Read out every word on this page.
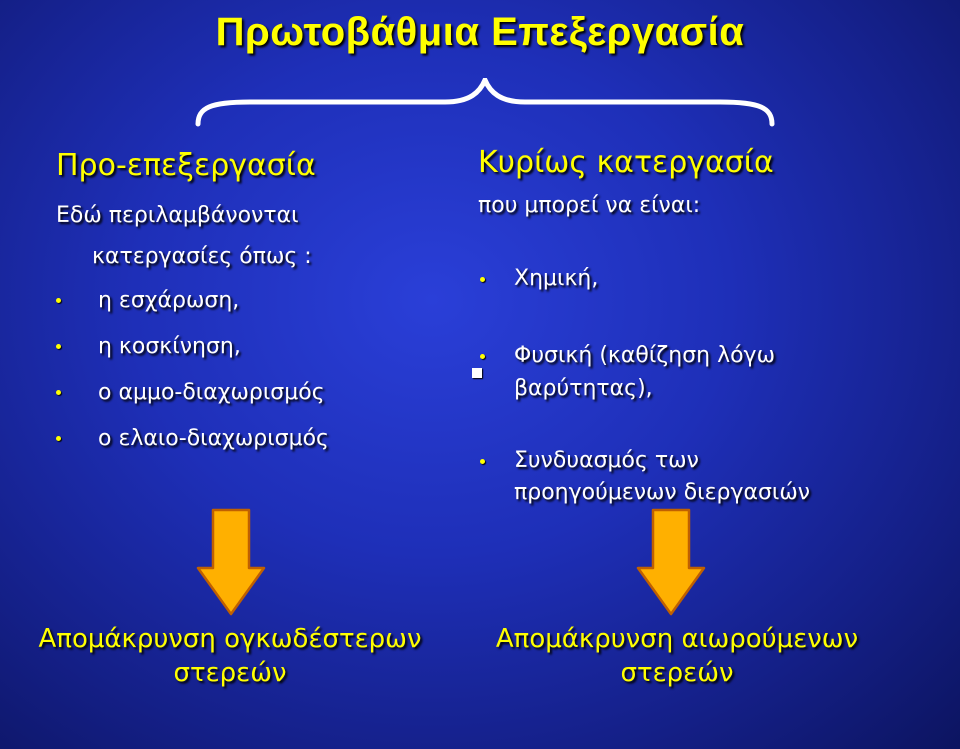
Πρωτοβάθμια Επεξεργασία
Προ-επεξεργασία
Εδώ περιλαμβάνονται
κατεργασίες όπως :
η εσχάρωση,
η κοσκίνηση,
ο αμμο-διαχωρισμός
ο ελαιο-διαχωρισμός
Κυρίως κατεργασία
που μπορεί να είναι:
Χημική,
Φυσική (καθίζηση λόγω
βαρύτητας),
Συνδυασμός των
προηγούμενων διεργασιών
Απομάκρυνση ογκωδέστερων
στερεών
Απομάκρυνση αιωρούμενων
στερεών
